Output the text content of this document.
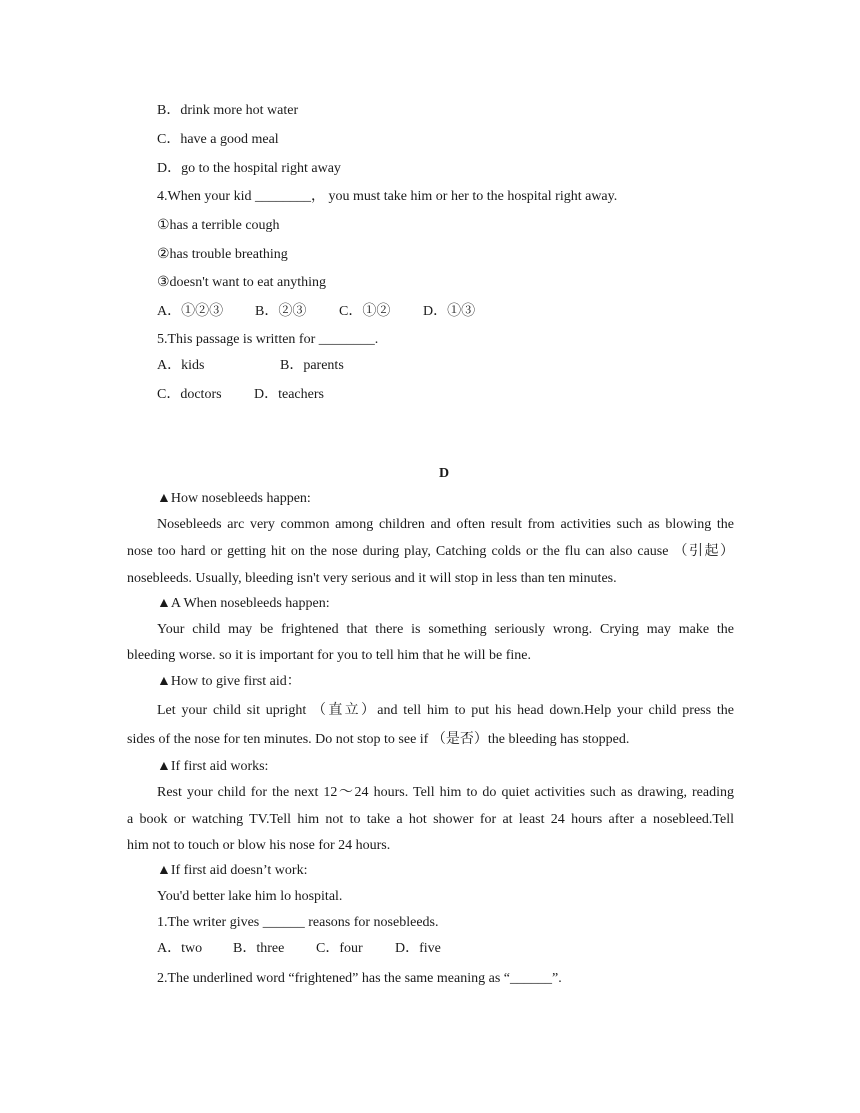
B．drink more hot water
C．have a good meal
D．go to the hospital right away
4.When your kid ________， you must take him or her to the hospital right away.
①has a terrible cough
②has trouble breathing
③doesn't want to eat anything
A．①②③ B．②③ C．①② D．①③
5.This passage is written for ________.
A．kids	B．parents
C．doctors D．teachers
D
▲How nosebleeds happen:
Nosebleeds arc very common among children and often result from activities such as blowing the
nose too hard or getting hit on the nose during play, Catching colds or the flu can also cause （引起）
nosebleeds. Usually, bleeding isn't very serious and it will stop in less than ten minutes.
▲A When nosebleeds happen:
Your child may be frightened that there is something seriously wrong. Crying may make the
bleeding worse. so it is important for you to tell him that he will be fine.
▲How to give first aid：
Let your child sit upright （直立）and tell him to put his head down.Help your child press the
sides of the nose for ten minutes. Do not stop to see if （是否）the bleeding has stopped.
▲If first aid works:
Rest your child for the next 12～24 hours. Tell him to do quiet activities such as drawing, reading
a book or watching TV.Tell him not to take a hot shower for at least 24 hours after a nosebleed.Tell
him not to touch or blow his nose for 24 hours.
▲If first aid doesn’t work:
You'd better lake him lo hospital.
1.The writer gives ______ reasons for nosebleeds.
A．two B．three C．four D．five
2.The underlined word “frightened” has the same meaning as “______”.
